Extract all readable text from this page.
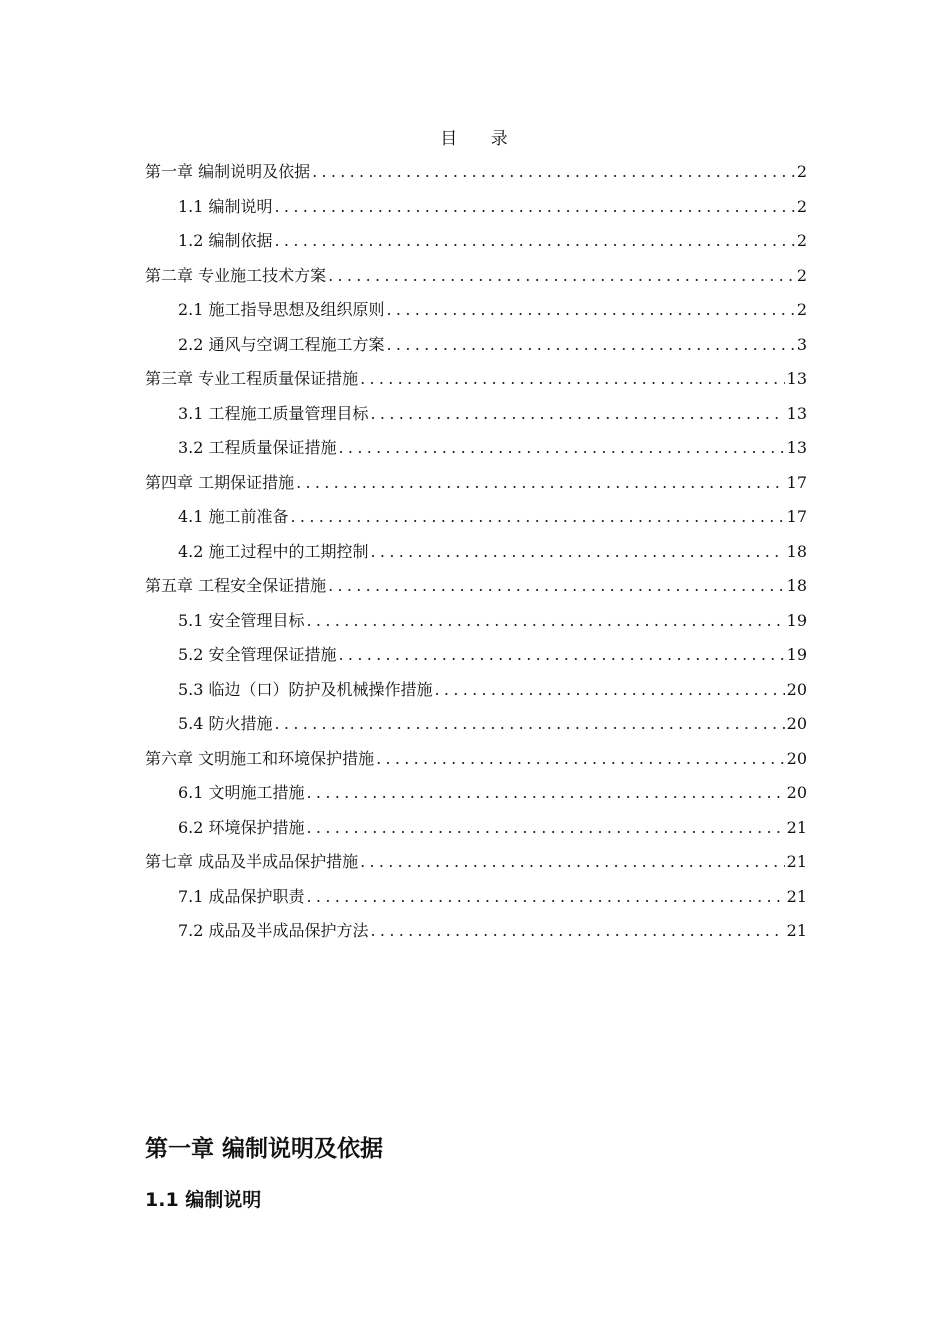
目 录
第一章 编制说明及依据 .....	2
1.1 编制说明 .....	2
1.2 编制依据 .....	2
第二章 专业施工技术方案 .....	2
2.1 施工指导思想及组织原则 .....	2
2.2 通风与空调工程施工方案 .....	3
第三章 专业工程质量保证措施 .....	13
3.1 工程施工质量管理目标 .....	13
3.2 工程质量保证措施 .....	13
第四章 工期保证措施 .....	17
4.1 施工前准备 .....	17
4.2 施工过程中的工期控制 .....	18
第五章 工程安全保证措施 .....	18
5.1 安全管理目标 .....	19
5.2 安全管理保证措施 .....	19
5.3 临边（口）防护及机械操作措施 .....	20
5.4 防火措施 .....	20
第六章 文明施工和环境保护措施 .....	20
6.1 文明施工措施 .....	20
6.2 环境保护措施 .....	21
第七章 成品及半成品保护措施 .....	21
7.1 成品保护职责 .....	21
7.2 成品及半成品保护方法 .....	21
第一章 编制说明及依据
1.1 编制说明
